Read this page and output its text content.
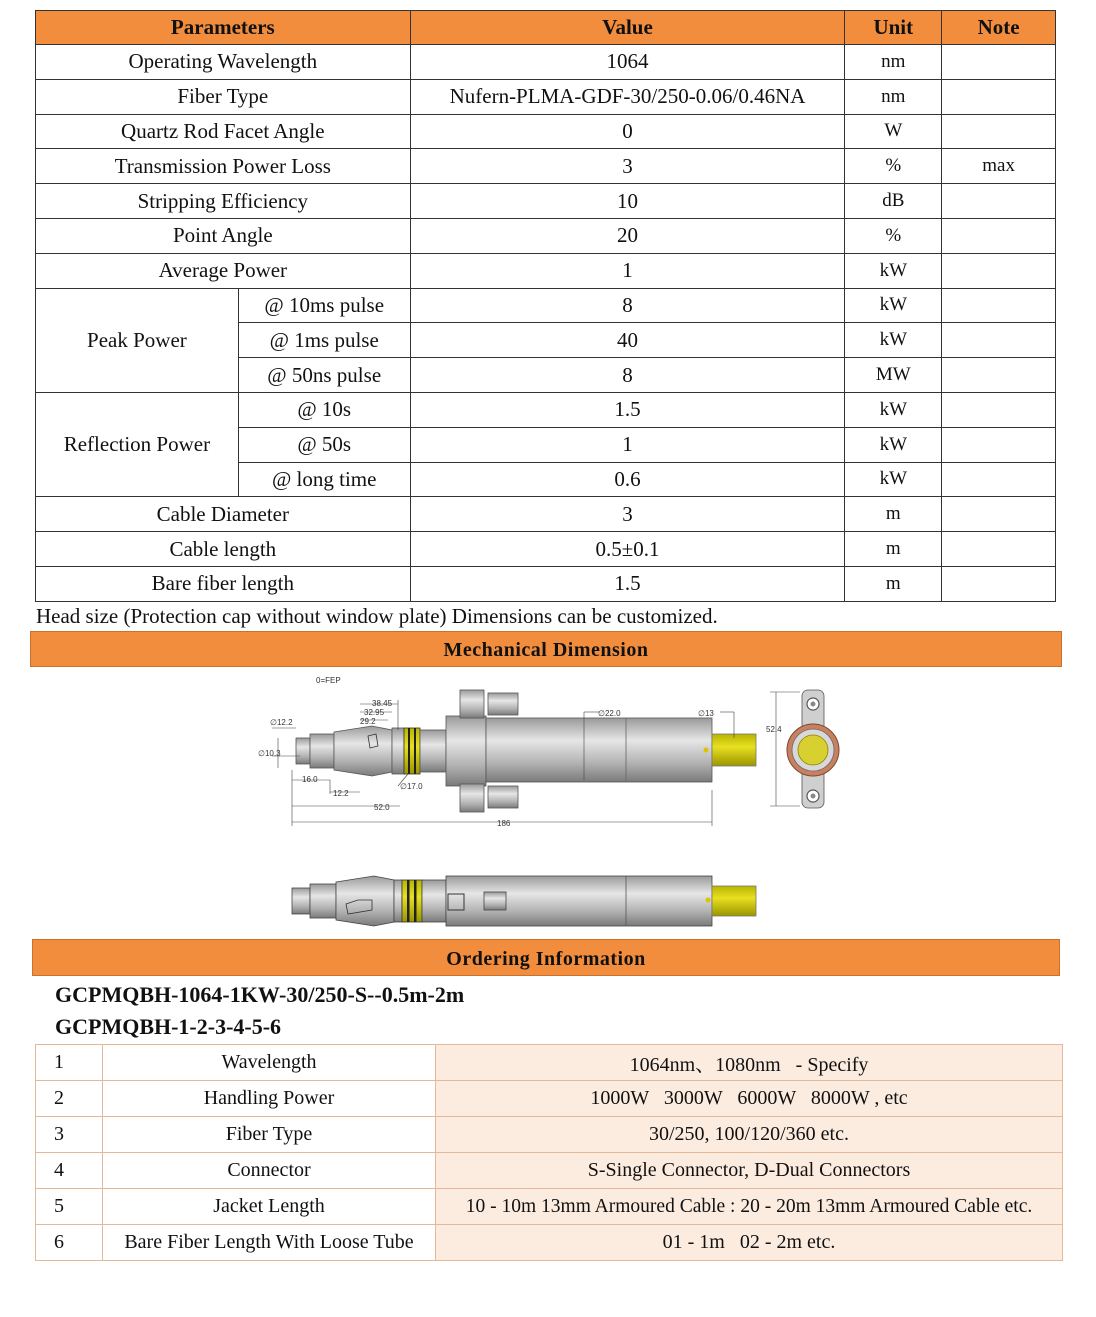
Parameters		Value	Unit	Note
Operating Wavelength		1064	nm	
Fiber Type		Nufern-PLMA-GDF-30/250-0.06/0.46NA	nm	
Quartz Rod Facet Angle		0	W	
Transmission Power Loss		3	%	max
Stripping Efficiency		10	dB	
Point Angle		20	%	
Average Power		1	kW	
Peak Power	@ 10ms pulse	8	kW	
	@ 1ms pulse	40	kW	
	@ 50ns pulse	8	MW	
Reflection Power	@ 10s	1.5	kW	
	@ 50s	1	kW	
	@ long time	0.6	kW	
Cable Diameter		3	m	
Cable length		0.5±0.1	m	
Bare fiber length		1.5	m	
Head size (Protection cap without window plate) Dimensions can be customized.
Mechanical Dimension
0=FEP
38.45
32.95
29.2
∅12.2
∅10.3
∅22.0	∅13
52.4
16.0
12.2
∅17.0
52.0
186
Ordering Information
GCPMQBH-1064-1KW-30/250-S--0.5m-2m
GCPMQBH-1-2-3-4-5-6
1	Wavelength	1064nm、1080nm   - Specify
2	Handling Power	1000W   3000W   6000W   8000W , etc
3	Fiber Type	30/250, 100/120/360 etc.
4	Connector	S-Single Connector, D-Dual Connectors
5	Jacket Length	10 - 10m 13mm Armoured Cable : 20 - 20m 13mm Armoured Cable etc.
6	Bare Fiber Length With Loose Tube	01 - 1m   02 - 2m etc.
